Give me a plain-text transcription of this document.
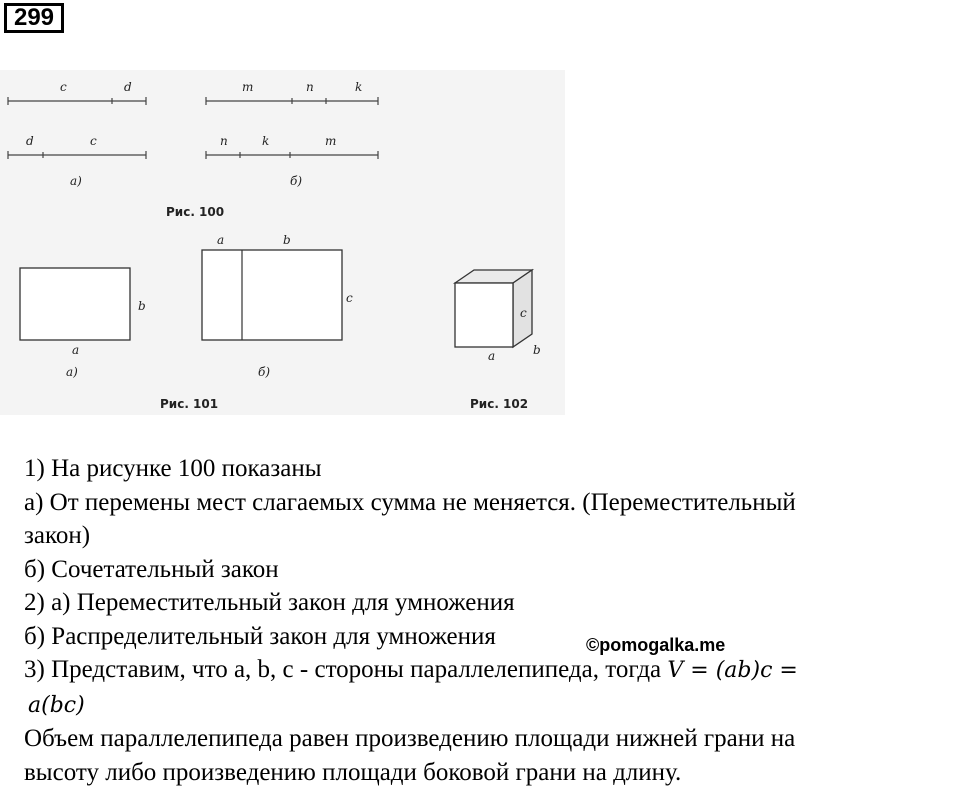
299
c	d
d	c
а)
m	n	k
n	k	m
б)
Рис. 100
b
a
а)
a	b
c
б)
Рис. 101
c
a	b
Рис. 102
1) На рисунке 100 показаны
а) От перемены мест слагаемых сумма не меняется. (Переместительный
закон)
б) Сочетательный закон
2) а) Переместительный закон для умножения
б) Распределительный закон для умножения
3) Представим, что a, b, c - стороны параллелепипеда, тогда V = (ab)c =
a(bc)
Объем параллелепипеда равен произведению площади нижней грани на
высоту либо произведению площади боковой грани на длину.
©pomogalka.me
